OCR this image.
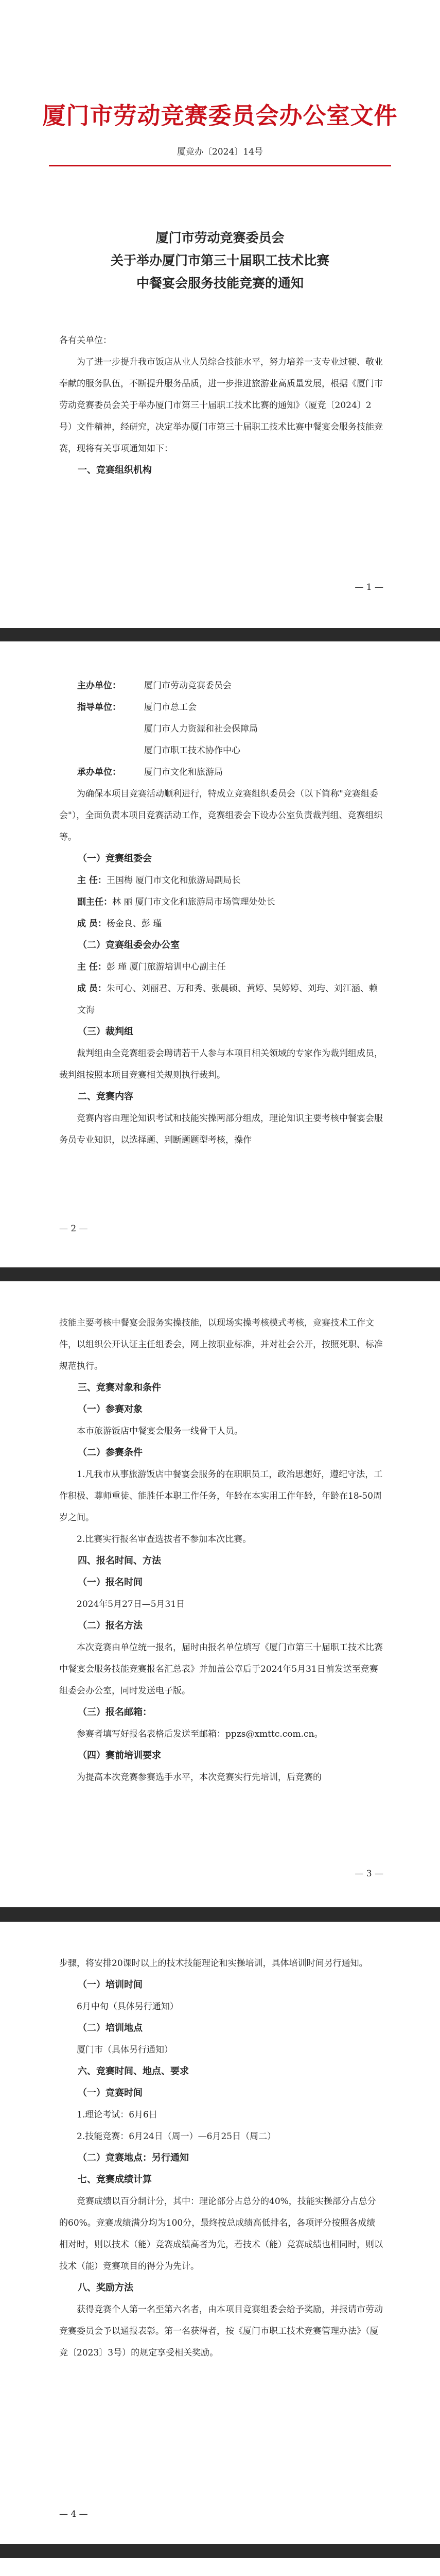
厦门市劳动竞赛委员会办公室文件
厦竞办〔2024〕14号
厦门市劳动竞赛委员会
关于举办厦门市第三十届职工技术比赛
中餐宴会服务技能竞赛的通知

各有关单位：

为了进一步提升我市饭店从业人员综合技能水平，努力培养一支专业过硬、敬业奉献的服务队伍，不断提升服务品质，进一步推进旅游业高质量发展，根据《厦门市劳动竞赛委员会关于举办厦门市第三十届职工技术比赛的通知》（厦竞〔2024〕2号）文件精神，经研究，决定举办厦门市第三十届职工技术比赛中餐宴会服务技能竞赛，现将有关事项通知如下：

一、竞赛组织机构

— 1 —
主办单位：	厦门市劳动竞赛委员会
指导单位：	厦门市总工会
厦门市人力资源和社会保障局
厦门市职工技术协作中心
承办单位：	厦门市文化和旅游局

为确保本项目竞赛活动顺利进行，特成立竞赛组织委员会（以下简称"竞赛组委会"），全面负责本项目竞赛活动工作，竞赛组委会下设办公室负责裁判组、竞赛组织等。

（一）竞赛组委会

主 任：王国梅 厦门市文化和旅游局副局长
副主任：林 丽 厦门市文化和旅游局市场管理处处长
成 员：杨金良、彭 瑾

（二）竞赛组委会办公室

主 任：彭 瑾 厦门旅游培训中心副主任
成 员：朱可心、刘丽君、万和秀、张晨硕、黄婷、吴婷婷、刘玙、刘江涵、赖文海

（三）裁判组

裁判组由全竞赛组委会聘请若干人参与本项目相关领域的专家作为裁判组成员，裁判组按照本项目竞赛相关规则执行裁判。

二、竞赛内容

竞赛内容由理论知识考试和技能实操两部分组成，理论知识主要考核中餐宴会服务员专业知识，以选择题、判断题题型考核，操作

— 2 —

技能主要考核中餐宴会服务实操技能，以现场实操考核模式考核，竞赛技术工作文件，以组织公开认证主任组委会，网上按职业标准，并对社会公开，按照死职、标准规范执行。

三、竞赛对象和条件

（一）参赛对象

本市旅游饭店中餐宴会服务一线骨干人员。

（二）参赛条件

1.凡我市从事旅游饭店中餐宴会服务的在职职员工，政治思想好，遵纪守法，工作积极、尊师重徒、能胜任本职工作任务，年龄在本实用工作年龄，年龄在18-50周岁之间。

2.比赛实行报名审查选拔者不参加本次比赛。

四、报名时间、方法

（一）报名时间

2024年5月27日—5月31日

（二）报名方法

本次竞赛由单位统一报名，届时由报名单位填写《厦门市第三十届职工技术比赛中餐宴会服务技能竞赛报名汇总表》并加盖公章后于2024年5月31日前发送至竞赛组委会办公室，同时发送电子版。

（三）报名邮箱：

参赛者填写好报名表格后发送至邮箱：ppzs@xmttc.com.cn。

（四）赛前培训要求

为提高本次竞赛参赛选手水平，本次竞赛实行先培训，后竞赛的

— 3 —

步骤，将安排20课时以上的技术技能理论和实操培训，具体培训时间另行通知。

（一）培训时间

6月中旬（具体另行通知）

（二）培训地点

厦门市（具体另行通知）

六、竞赛时间、地点、要求

（一）竞赛时间

1.理论考试：6月6日

2.技能竞赛：6月24日（周一）—6月25日（周二）

（二）竞赛地点：另行通知

七、竞赛成绩计算

竞赛成绩以百分制计分，其中：理论部分占总分的40%，技能实操部分占总分的60%。竞赛成绩满分均为100分，最终按总成绩高低排名，各项评分按照各成绩相对时，则以技术（能）竞赛成绩高者为先，若技术（能）竞赛成绩也相同时，则以技术（能）竞赛项目的得分为先计。

八、奖励方法

获得竞赛个人第一名至第六名者，由本项目竞赛组委会给予奖励，并报请市劳动竞赛委员会予以通报表彰。第一名获得者，按《厦门市职工技术竞赛管理办法》（厦竞〔2023〕3号）的规定享受相关奖励。

— 4 —
